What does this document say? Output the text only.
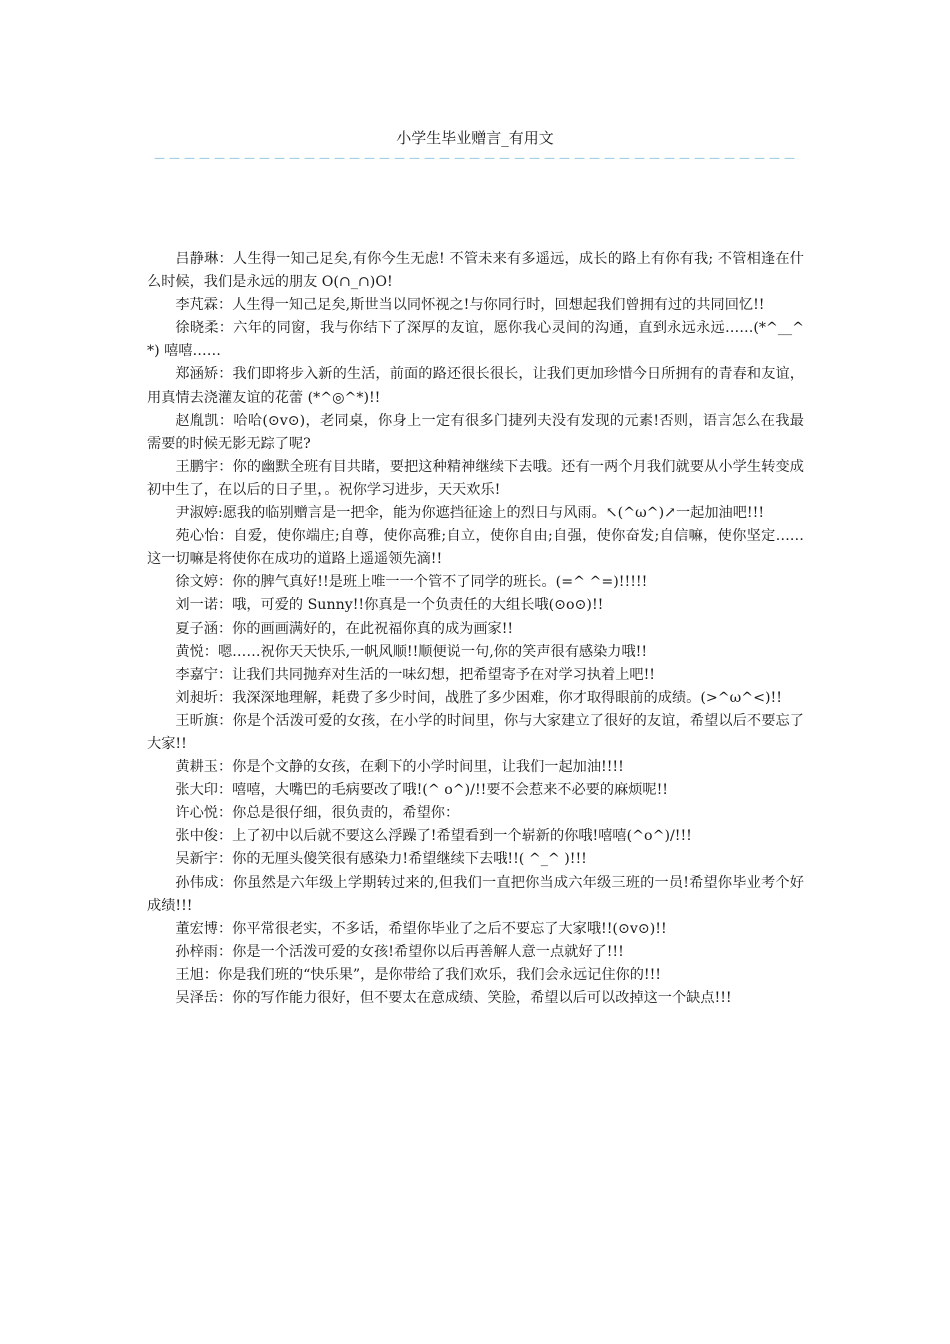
小学生毕业赠言_有用文
－－－－－－－－－－－－－－－－－－－－－－－－－－－－－－－－－－－－－－－－－－－

吕静琳：人生得一知己足矣,有你今生无虑! 不管未来有多遥远，成长的路上有你有我; 不管相逢在什么时候，我们是永远的朋友 O(∩_∩)O!

李芃霖：人生得一知己足矣,斯世当以同怀视之!与你同行时，回想起我们曾拥有过的共同回忆!!

徐晓柔：六年的同窗，我与你结下了深厚的友谊，愿你我心灵间的沟通，直到永远永远……(*^__^*) 嘻嘻……

郑涵矫：我们即将步入新的生活，前面的路还很长很长，让我们更加珍惜今日所拥有的青春和友谊，用真情去浇灌友谊的花蕾 (*^◎^*)!!

赵胤凯：哈哈(⊙v⊙)，老同桌，你身上一定有很多门捷列夫没有发现的元素!否则，语言怎么在我最需要的时候无影无踪了呢?

王鹏宇：你的幽默全班有目共睹，要把这种精神继续下去哦。还有一两个月我们就要从小学生转变成初中生了，在以后的日子里，。祝你学习进步，天天欢乐!

尹淑婷:愿我的临别赠言是一把伞，能为你遮挡征途上的烈日与风雨。↖(^ω^)↗一起加油吧!!!

苑心怡：自爱，使你端庄;自尊，使你高雅;自立，使你自由;自强，使你奋发;自信嘛，使你坚定……这一切嘛是将使你在成功的道路上遥遥领先滴!!

徐文婷：你的脾气真好!!是班上唯一一个管不了同学的班长。(=^ ^=)!!!!!

刘一诺：哦，可爱的 Sunny!!你真是一个负责任的大组长哦(⊙o⊙)!!

夏子涵：你的画画满好的，在此祝福你真的成为画家!!

黄悦：嗯……祝你天天快乐,一帆风顺!!顺便说一句,你的笑声很有感染力哦!!

李嘉宁：让我们共同抛弃对生活的一味幻想，把希望寄予在对学习执着上吧!!

刘昶圻：我深深地理解，耗费了多少时间，战胜了多少困难，你才取得眼前的成绩。(>^ω^<)!!

王昕旗：你是个活泼可爱的女孩，在小学的时间里，你与大家建立了很好的友谊，希望以后不要忘了大家!!

黄耕玉：你是个文静的女孩，在剩下的小学时间里，让我们一起加油!!!!

张大印：嘻嘻，大嘴巴的毛病要改了哦!(^ o^)/!!要不会惹来不必要的麻烦呢!!

许心悦：你总是很仔细，很负责的，希望你：

张中俊：上了初中以后就不要这么浮躁了!希望看到一个崭新的你哦!嘻嘻(^o^)/!!!

吴新宇：你的无厘头傻笑很有感染力!希望继续下去哦!!( ^_^ )!!!

孙伟成：你虽然是六年级上学期转过来的,但我们一直把你当成六年级三班的一员!希望你毕业考个好成绩!!!

董宏博：你平常很老实，不多话，希望你毕业了之后不要忘了大家哦!!(⊙v⊙)!!

孙梓雨：你是一个活泼可爱的女孩!希望你以后再善解人意一点就好了!!!

王旭：你是我们班的“快乐果”，是你带给了我们欢乐，我们会永远记住你的!!!

吴泽岳：你的写作能力很好，但不要太在意成绩、笑脸，希望以后可以改掉这一个缺点!!!
